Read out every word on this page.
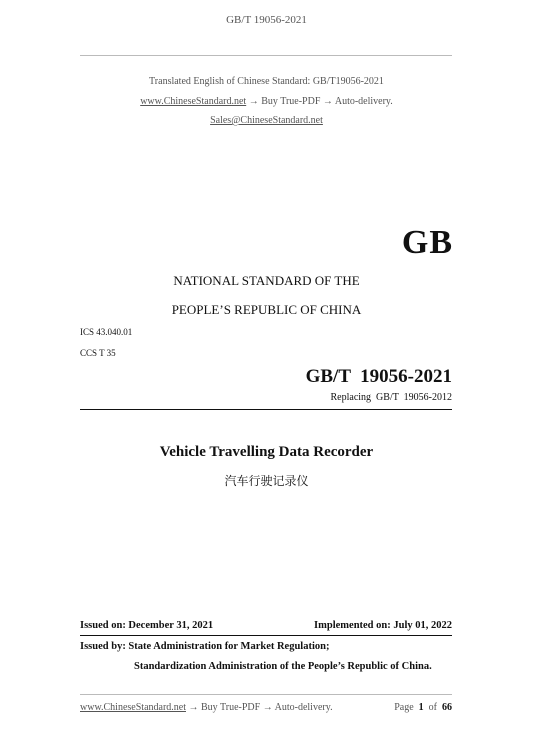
GB/T 19056-2021
Translated English of Chinese Standard: GB/T19056-2021
www.ChineseStandard.net → Buy True-PDF → Auto-delivery.
Sales@ChineseStandard.net
GB
NATIONAL STANDARD OF THE
PEOPLE’S REPUBLIC OF CHINA
ICS 43.040.01
CCS T 35
GB/T  19056-2021
Replacing  GB/T  19056-2012
Vehicle Travelling Data Recorder
汽车行驶记录仪
Issued on: December 31, 2021	Implemented on: July 01, 2022
Issued by: State Administration for Market Regulation;
Standardization Administration of the People’s Republic of China.
www.ChineseStandard.net → Buy True-PDF → Auto-delivery.	Page 1 of 66
